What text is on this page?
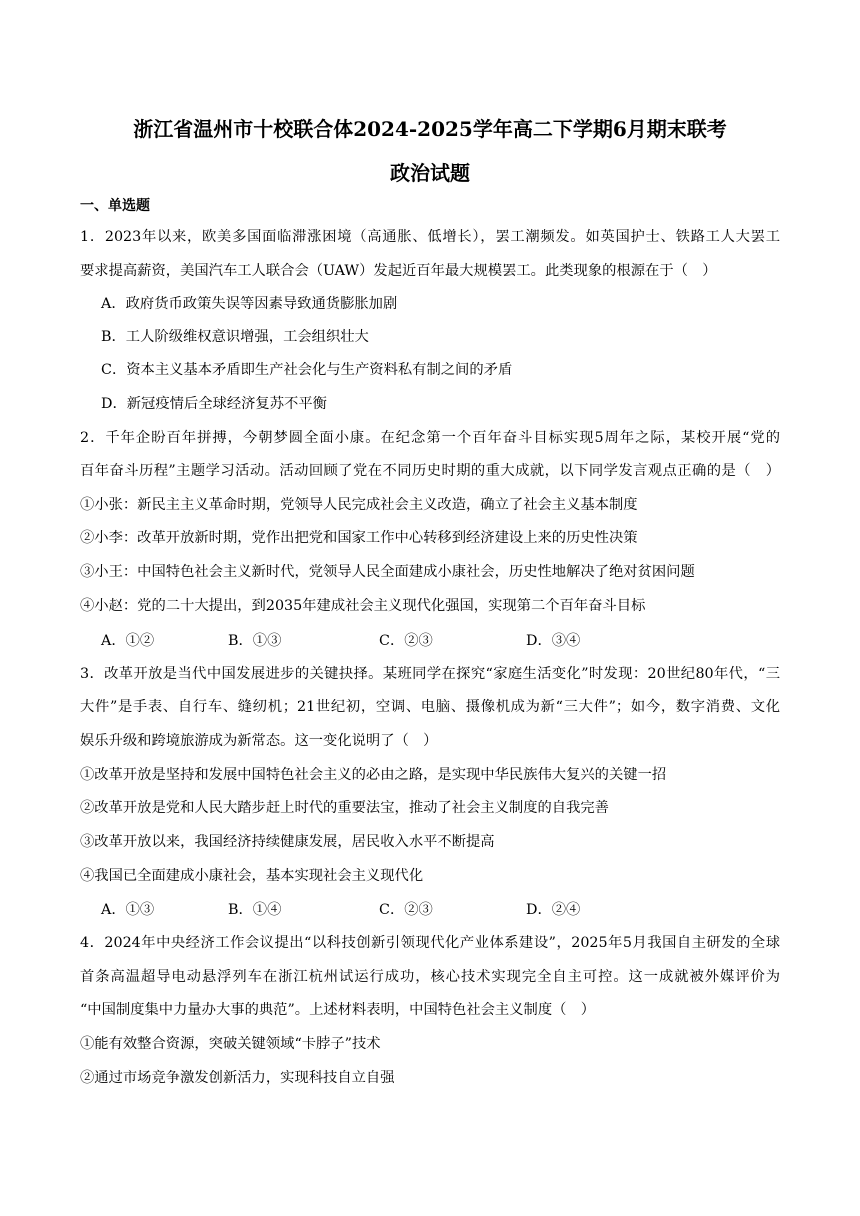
浙江省温州市十校联合体2024-2025学年高二下学期6月期末联考
政治试题
一、单选题
1．2023年以来，欧美多国面临滞涨困境（高通胀、低增长），罢工潮频发。如英国护士、铁路工人大罢工
要求提高薪资，美国汽车工人联合会（UAW）发起近百年最大规模罢工。此类现象的根源在于（　）
A．政府货币政策失误等因素导致通货膨胀加剧
B．工人阶级维权意识增强，工会组织壮大
C．资本主义基本矛盾即生产社会化与生产资料私有制之间的矛盾
D．新冠疫情后全球经济复苏不平衡
2．千年企盼百年拼搏，今朝梦圆全面小康。在纪念第一个百年奋斗目标实现5周年之际，某校开展“党的
百年奋斗历程”主题学习活动。活动回顾了党在不同历史时期的重大成就，以下同学发言观点正确的是（　）
①小张：新民主主义革命时期，党领导人民完成社会主义改造，确立了社会主义基本制度
②小李：改革开放新时期，党作出把党和国家工作中心转移到经济建设上来的历史性决策
③小王：中国特色社会主义新时代，党领导人民全面建成小康社会，历史性地解决了绝对贫困问题
④小赵：党的二十大提出，到2035年建成社会主义现代化强国，实现第二个百年奋斗目标
A．①②	B．①③	C．②③	D．③④
3．改革开放是当代中国发展进步的关键抉择。某班同学在探究“家庭生活变化”时发现：20世纪80年代，“三
大件”是手表、自行车、缝纫机；21世纪初，空调、电脑、摄像机成为新“三大件”；如今，数字消费、文化
娱乐升级和跨境旅游成为新常态。这一变化说明了（　）
①改革开放是坚持和发展中国特色社会主义的必由之路，是实现中华民族伟大复兴的关键一招
②改革开放是党和人民大踏步赶上时代的重要法宝，推动了社会主义制度的自我完善
③改革开放以来，我国经济持续健康发展，居民收入水平不断提高
④我国已全面建成小康社会，基本实现社会主义现代化
A．①③	B．①④	C．②③	D．②④
4．2024年中央经济工作会议提出“以科技创新引领现代化产业体系建设”，2025年5月我国自主研发的全球
首条高温超导电动悬浮列车在浙江杭州试运行成功，核心技术实现完全自主可控。这一成就被外媒评价为
“中国制度集中力量办大事的典范”。上述材料表明，中国特色社会主义制度（　）
①能有效整合资源，突破关键领域“卡脖子”技术
②通过市场竞争激发创新活力，实现科技自立自强
